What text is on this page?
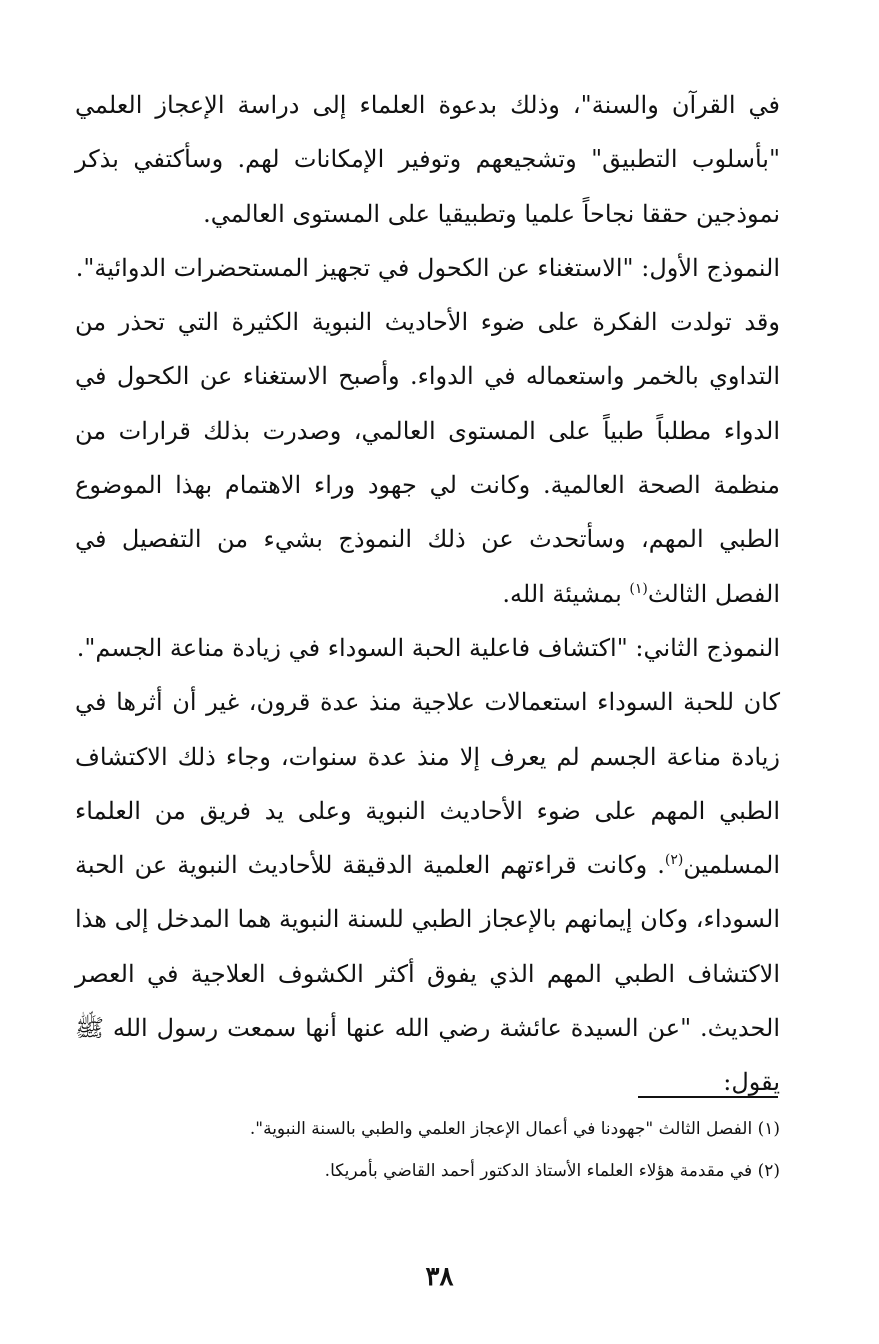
في القرآن والسنة"، وذلك بدعوة العلماء إلى دراسة الإعجاز العلمي "بأسلوب التطبيق" وتشجيعهم وتوفير الإمكانات لهم. وسأكتفي بذكر نموذجين حققا نجاحاً علميا وتطبيقيا على المستوى العالمي.

النموذج الأول: "الاستغناء عن الكحول في تجهيز المستحضرات الدوائية".

وقد تولدت الفكرة على ضوء الأحاديث النبوية الكثيرة التي تحذر من التداوي بالخمر واستعماله في الدواء. وأصبح الاستغناء عن الكحول في الدواء مطلباً طبياً على المستوى العالمي، وصدرت بذلك قرارات من منظمة الصحة العالمية. وكانت لي جهود وراء الاهتمام بهذا الموضوع الطبي المهم، وسأتحدث عن ذلك النموذج بشيء من التفصيل في الفصل الثالث$^{(١)}$ بمشيئة الله.

النموذج الثاني: "اكتشاف فاعلية الحبة السوداء في زيادة مناعة الجسم".

كان للحبة السوداء استعمالات علاجية منذ عدة قرون، غير أن أثرها في زيادة مناعة الجسم لم يعرف إلا منذ عدة سنوات، وجاء ذلك الاكتشاف الطبي المهم على ضوء الأحاديث النبوية وعلى يد فريق من العلماء المسلمين$^{(٢)}$. وكانت قراءتهم العلمية الدقيقة للأحاديث النبوية عن الحبة السوداء، وكان إيمانهم بالإعجاز الطبي للسنة النبوية هما المدخل إلى هذا الاكتشاف الطبي المهم الذي يفوق أكثر الكشوف العلاجية في العصر الحديث. "عن السيدة عائشة رضي الله عنها أنها سمعت رسول الله ﷺ يقول:

(١) الفصل الثالث "جهودنا في أعمال الإعجاز العلمي والطبي بالسنة النبوية".

(٢) في مقدمة هؤلاء العلماء الأستاذ الدكتور أحمد القاضي بأمريكا.

٣٨
